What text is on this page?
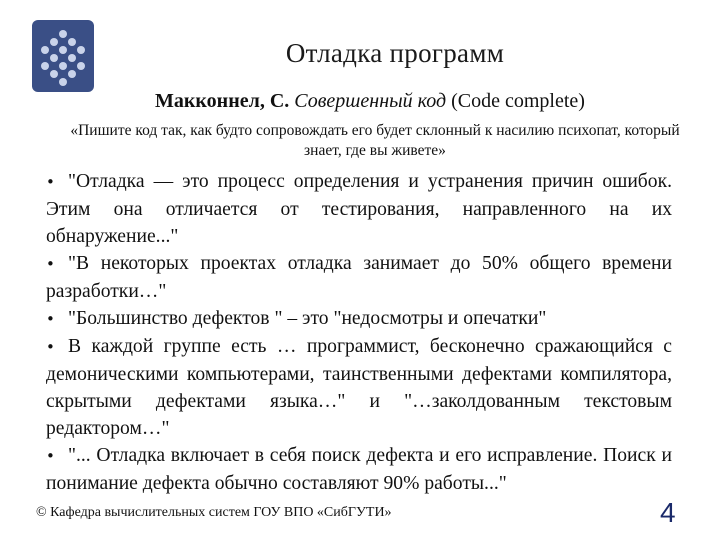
Отладка программ
Макконнел, С. Совершенный код (Code complete)
«Пишите код так, как будто сопровождать его будет склонный к насилию психопат, который знает, где вы живете»

• "Отладка — это процесс определения и устранения причин ошибок. Этим она отличается от тестирования, направленного на их обнаружение..."

• "В некоторых проектах отладка занимает до 50% общего времени разработки…"

• "Большинство дефектов " – это "недосмотры и опечатки"

• В каждой группе есть … программист, бесконечно сражающийся с демоническими компьютерами, таинственными дефектами компилятора, скрытыми дефектами языка…" и "…заколдованным текстовым редактором…"

• "... Отладка включает в себя поиск дефекта и его исправление. Поиск и понимание дефекта обычно составляют 90% работы..."

© Кафедра вычислительных систем ГОУ ВПО «СибГУТИ»	4
